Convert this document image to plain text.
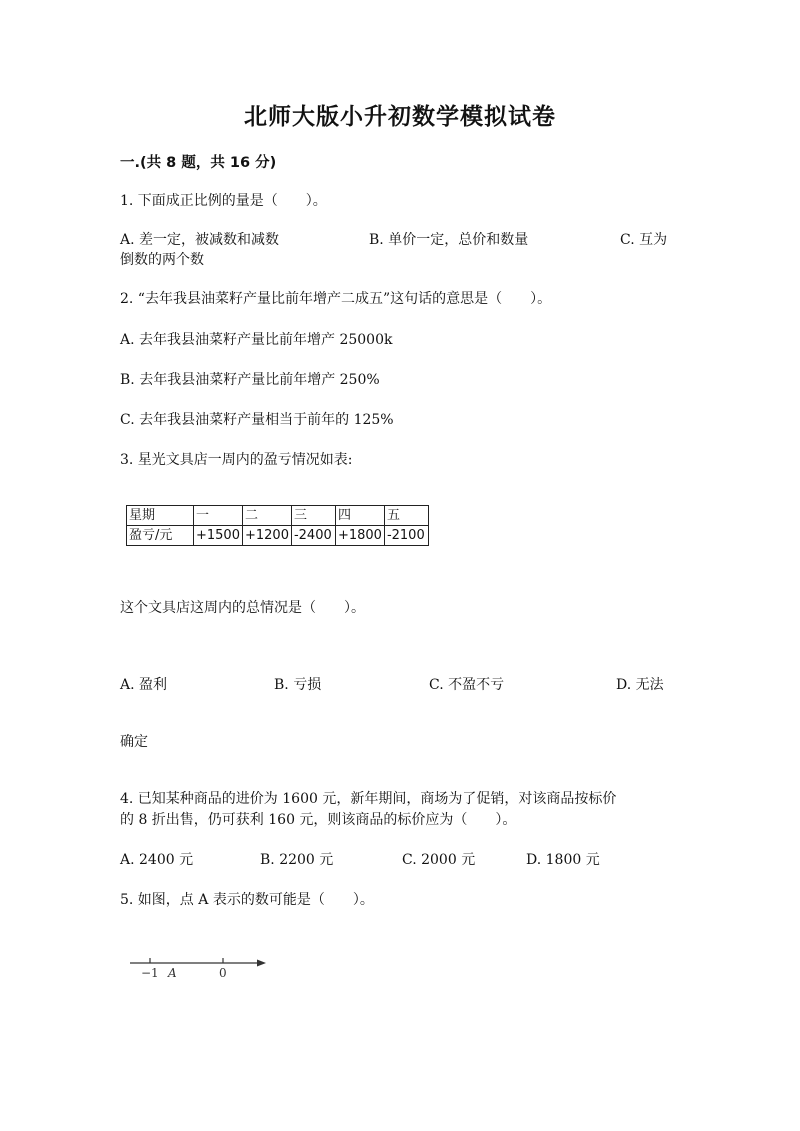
北师大版小升初数学模拟试卷
一.(共 8 题，共 16 分)
1. 下面成正比例的量是（　　）。
A. 差一定，被减数和减数	B. 单价一定，总价和数量	C. 互为
倒数的两个数
2. “去年我县油菜籽产量比前年增产二成五”这句话的意思是（　　）。
A. 去年我县油菜籽产量比前年增产 25000k
B. 去年我县油菜籽产量比前年增产 250%
C. 去年我县油菜籽产量相当于前年的 125%
3. 星光文具店一周内的盈亏情况如表:
星期	一	二	三	四	五
盈亏/元	+1500	+1200	-2400	+1800	-2100
这个文具店这周内的总情况是（　　）。
A. 盈利	B. 亏损	C. 不盈不亏	D. 无法
确定
4. 已知某种商品的进价为 1600 元，新年期间，商场为了促销，对该商品按标价
的 8 折出售，仍可获利 160 元，则该商品的标价应为（　　）。
A. 2400 元	B. 2200 元	C. 2000 元	D. 1800 元
5. 如图，点 A 表示的数可能是（　　）。
−1 A	0
